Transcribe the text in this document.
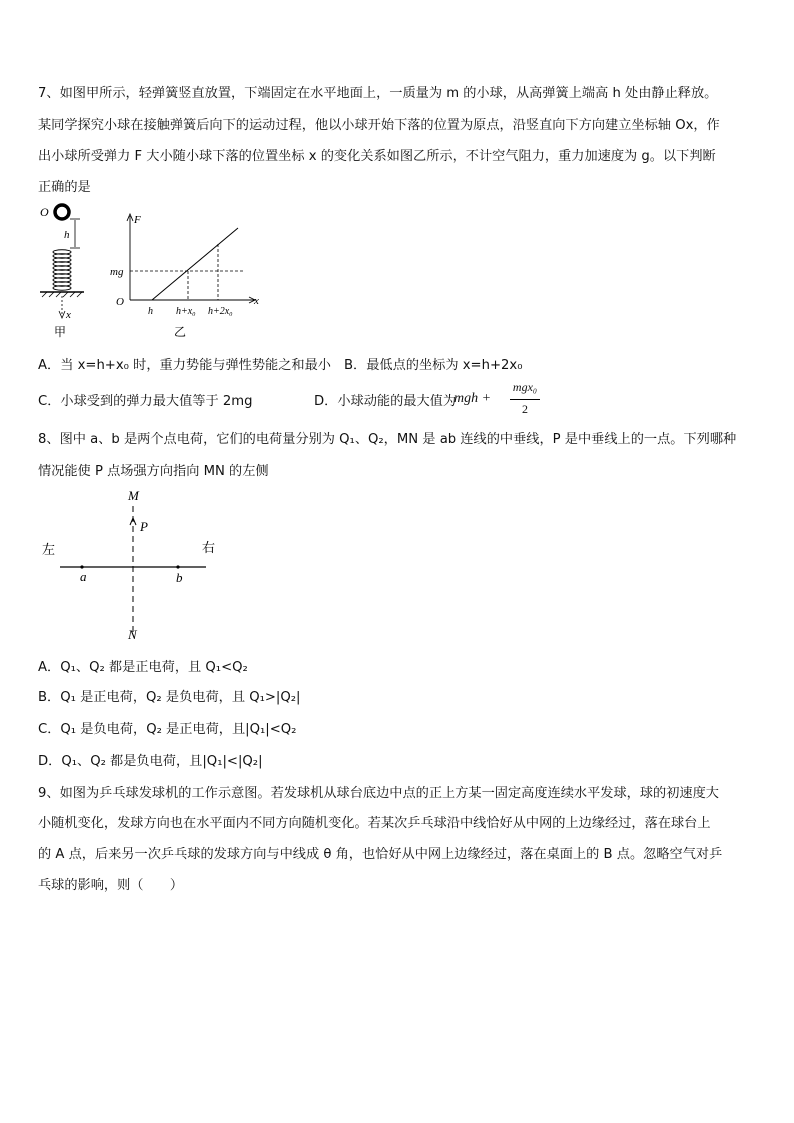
7、如图甲所示，轻弹簧竖直放置，下端固定在水平地面上，一质量为 m 的小球，从高弹簧上端高 h 处由静止释放。
某同学探究小球在接触弹簧后向下的运动过程，他以小球开始下落的位置为原点，沿竖直向下方向建立坐标轴 Ox，作
出小球所受弹力 F 大小随小球下落的位置坐标 x 的变化关系如图乙所示，不计空气阻力，重力加速度为 g。以下判断
正确的是
O
h
x
甲
F
mg
O	x
h h+x₀ h+2x₀
乙
A．当 x=h+x₀ 时，重力势能与弹性势能之和最小 B．最低点的坐标为 x=h+2x₀
C．小球受到的弹力最大值等于 2mg	D．小球动能的最大值为
mgh +
mgx₀
2
8、图中 a、b 是两个点电荷，它们的电荷量分别为 Q₁、Q₂，MN 是 ab 连线的中垂线，P 是中垂线上的一点。下列哪种
情况能使 P 点场强方向指向 MN 的左侧
M
P
左	右
a	b
N
A．Q₁、Q₂ 都是正电荷，且 Q₁<Q₂
B．Q₁ 是正电荷，Q₂ 是负电荷，且 Q₁>|Q₂|
C．Q₁ 是负电荷，Q₂ 是正电荷，且|Q₁|<Q₂
D．Q₁、Q₂ 都是负电荷，且|Q₁|<|Q₂|
9、如图为乒乓球发球机的工作示意图。若发球机从球台底边中点的正上方某一固定高度连续水平发球，球的初速度大
小随机变化，发球方向也在水平面内不同方向随机变化。若某次乒乓球沿中线恰好从中网的上边缘经过，落在球台上
的 A 点，后来另一次乒乓球的发球方向与中线成 θ 角，也恰好从中网上边缘经过，落在桌面上的 B 点。忽略空气对乒
乓球的影响，则（　　）
